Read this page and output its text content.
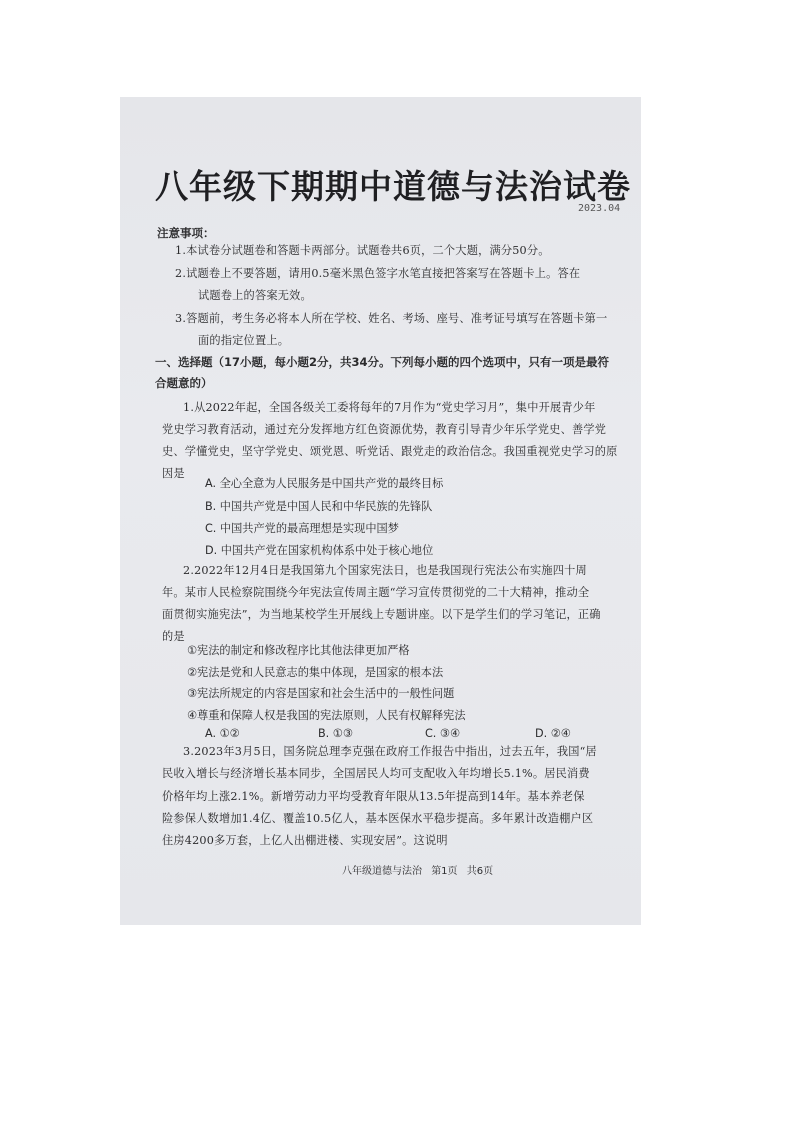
八年级下期期中道德与法治试卷
2023.04
注意事项：
1.本试卷分试题卷和答题卡两部分。试题卷共6页，二个大题，满分50分。
2.试题卷上不要答题，请用0.5毫米黑色签字水笔直接把答案写在答题卡上。答在
试题卷上的答案无效。
3.答题前，考生务必将本人所在学校、姓名、考场、座号、准考证号填写在答题卡第一
面的指定位置上。
一、选择题（17小题，每小题2分，共34分。下列每小题的四个选项中，只有一项是最符
合题意的）
1.从2022年起，全国各级关工委将每年的7月作为“党史学习月”，集中开展青少年
党史学习教育活动，通过充分发挥地方红色资源优势，教育引导青少年乐学党史、善学党
史、学懂党史，坚守学党史、颂党恩、听党话、跟党走的政治信念。我国重视党史学习的原
因是
A. 全心全意为人民服务是中国共产党的最终目标
B. 中国共产党是中国人民和中华民族的先锋队
C. 中国共产党的最高理想是实现中国梦
D. 中国共产党在国家机构体系中处于核心地位
2.2022年12月4日是我国第九个国家宪法日，也是我国现行宪法公布实施四十周
年。某市人民检察院围绕今年宪法宣传周主题“学习宣传贯彻党的二十大精神，推动全
面贯彻实施宪法”，为当地某校学生开展线上专题讲座。以下是学生们的学习笔记，正确
的是
①宪法的制定和修改程序比其他法律更加严格
②宪法是党和人民意志的集中体现，是国家的根本法
③宪法所规定的内容是国家和社会生活中的一般性问题
④尊重和保障人权是我国的宪法原则，人民有权解释宪法
A. ①②	B. ①③	C. ③④	D. ②④
3.2023年3月5日，国务院总理李克强在政府工作报告中指出，过去五年，我国“居
民收入增长与经济增长基本同步，全国居民人均可支配收入年均增长5.1%。居民消费
价格年均上涨2.1%。新增劳动力平均受教育年限从13.5年提高到14年。基本养老保
险参保人数增加1.4亿、覆盖10.5亿人，基本医保水平稳步提高。多年累计改造棚户区
住房4200多万套，上亿人出棚进楼、实现安居”。这说明
八年级道德与法治 第1页 共6页
